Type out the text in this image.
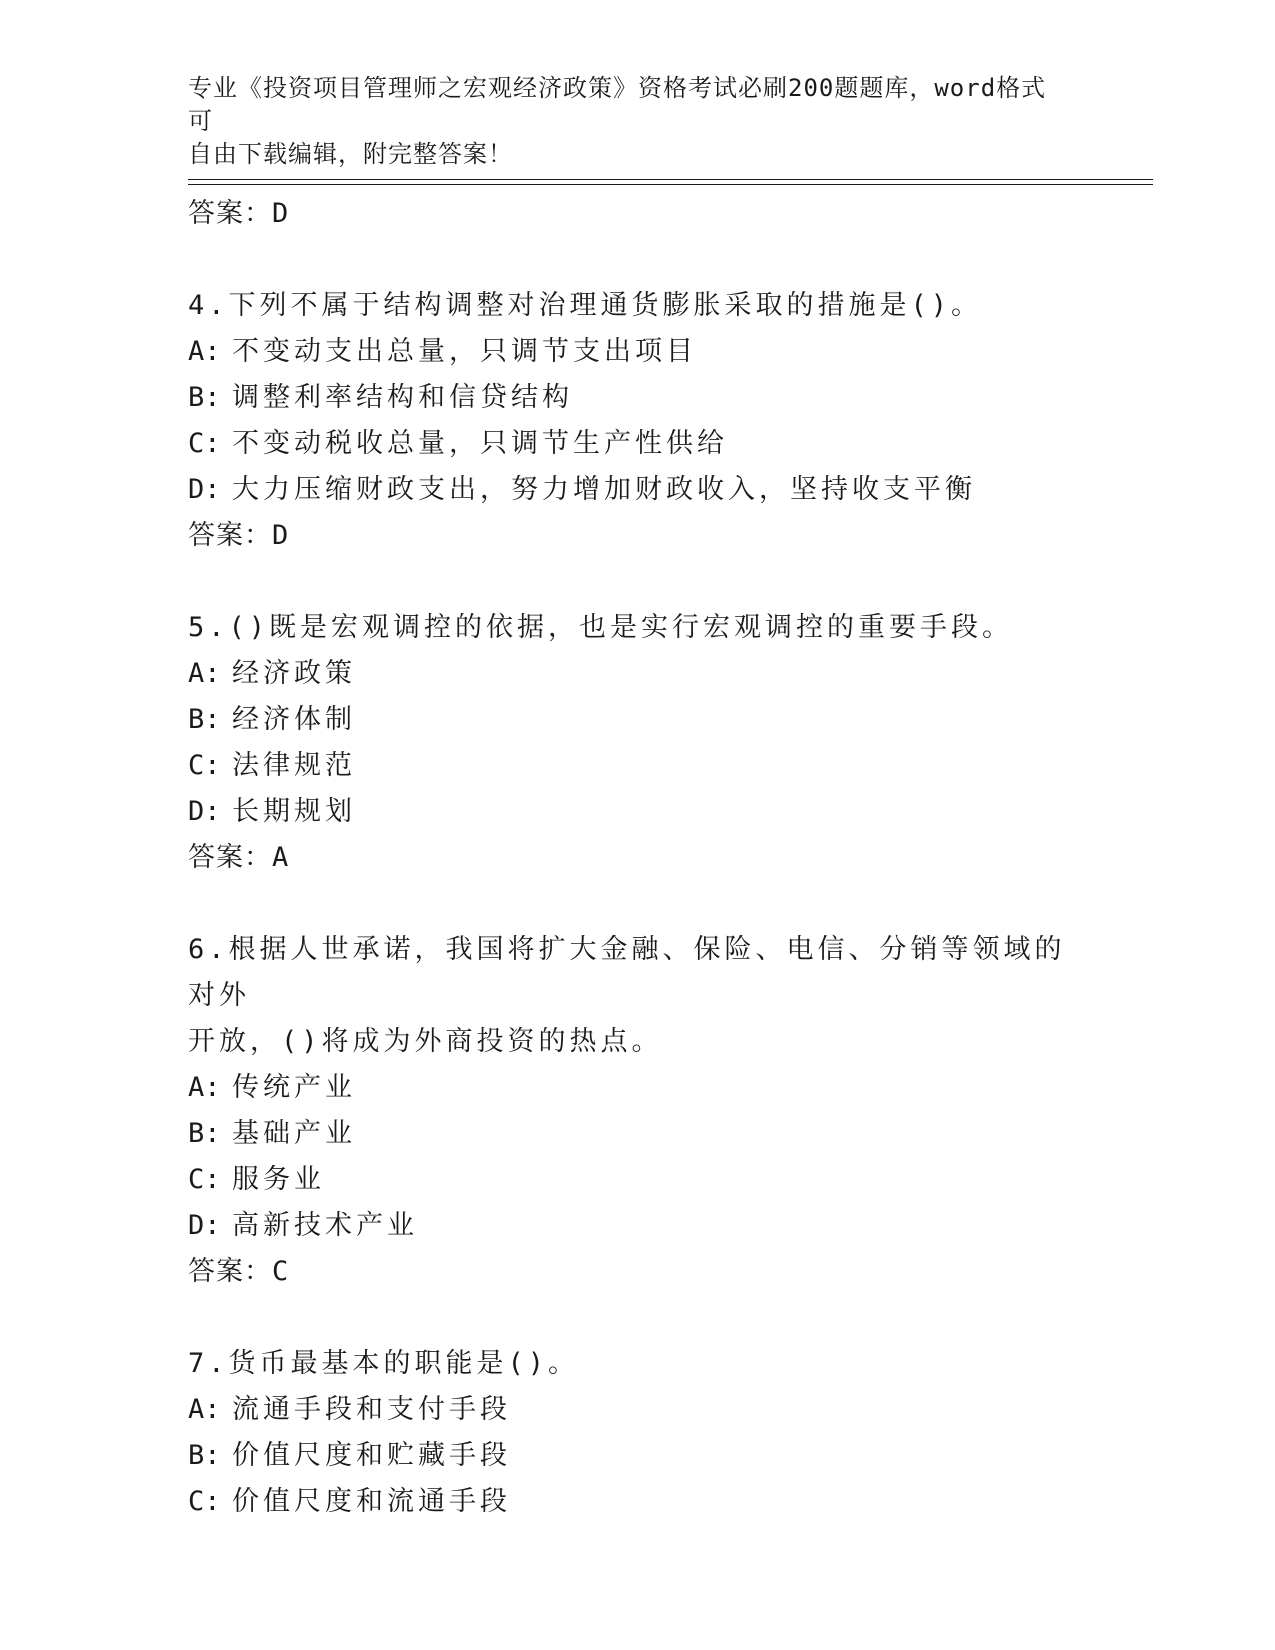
专业《投资项目管理师之宏观经济政策》资格考试必刷200题题库，word格式可
自由下载编辑，附完整答案！
答案：D
4.下列不属于结构调整对治理通货膨胀采取的措施是()。
A: 不变动支出总量，只调节支出项目
B: 调整利率结构和信贷结构
C: 不变动税收总量，只调节生产性供给
D: 大力压缩财政支出，努力增加财政收入，坚持收支平衡
答案：D
5.()既是宏观调控的依据，也是实行宏观调控的重要手段。
A: 经济政策
B: 经济体制
C: 法律规范
D: 长期规划
答案：A
6.根据人世承诺，我国将扩大金融、保险、电信、分销等领域的对外
开放，()将成为外商投资的热点。
A: 传统产业
B: 基础产业
C: 服务业
D: 高新技术产业
答案：C
7.货币最基本的职能是()。
A: 流通手段和支付手段
B: 价值尺度和贮藏手段
C: 价值尺度和流通手段
